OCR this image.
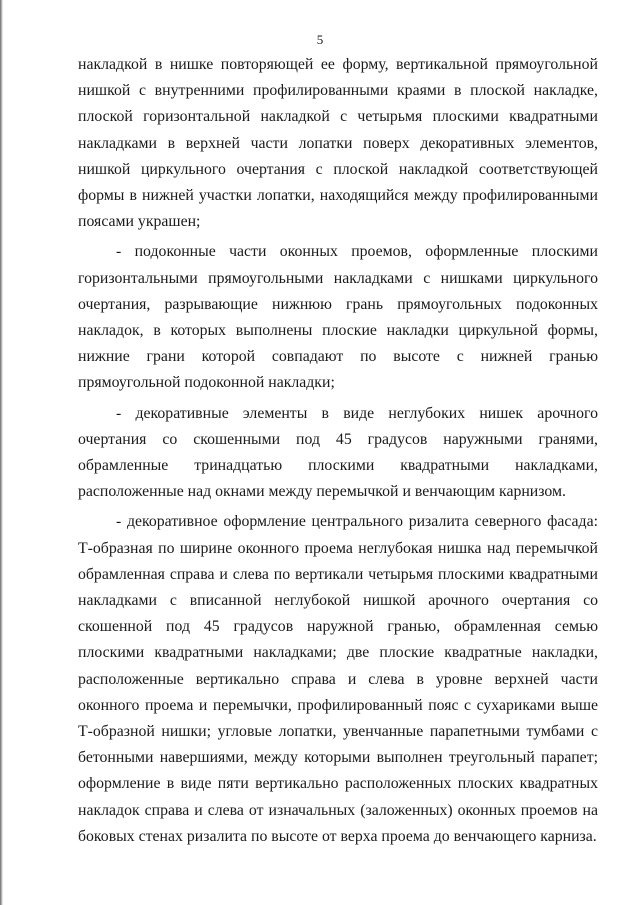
5

накладкой в нишке повторяющей ее форму, вертикальной прямоугольной нишкой с внутренними профилированными краями в плоской накладке, плоской горизонтальной накладкой с четырьмя плоскими квадратными накладками в верхней части лопатки поверх декоративных элементов, нишкой циркульного очертания с плоской накладкой соответствующей формы в нижней участки лопатки, находящийся между профилированными поясами украшен;

- подоконные части оконных проемов, оформленные плоскими горизонтальными прямоугольными накладками с нишками циркульного очертания, разрывающие нижнюю грань прямоугольных подоконных накладок, в которых выполнены плоские накладки циркульной формы, нижние грани которой совпадают по высоте с нижней гранью прямоугольной подоконной накладки;

- декоративные элементы в виде неглубоких нишек арочного очертания со скошенными под 45 градусов наружными гранями, обрамленные тринадцатью плоскими квадратными накладками, расположенные над окнами между перемычкой и венчающим карнизом.

- декоративное оформление центрального ризалита северного фасада: Т-образная по ширине оконного проема неглубокая нишка над перемычкой обрамленная справа и слева по вертикали четырьмя плоскими квадратными накладками с вписанной неглубокой нишкой арочного очертания со скошенной под 45 градусов наружной гранью, обрамленная семью плоскими квадратными накладками; две плоские квадратные накладки, расположенные вертикально справа и слева в уровне верхней части оконного проема и перемычки, профилированный пояс с сухариками выше Т-образной нишки; угловые лопатки, увенчанные парапетными тумбами с бетонными навершиями, между которыми выполнен треугольный парапет; оформление в виде пяти вертикально расположенных плоских квадратных накладок справа и слева от изначальных (заложенных) оконных проемов на боковых стенах ризалита по высоте от верха проема до венчающего карниза.
